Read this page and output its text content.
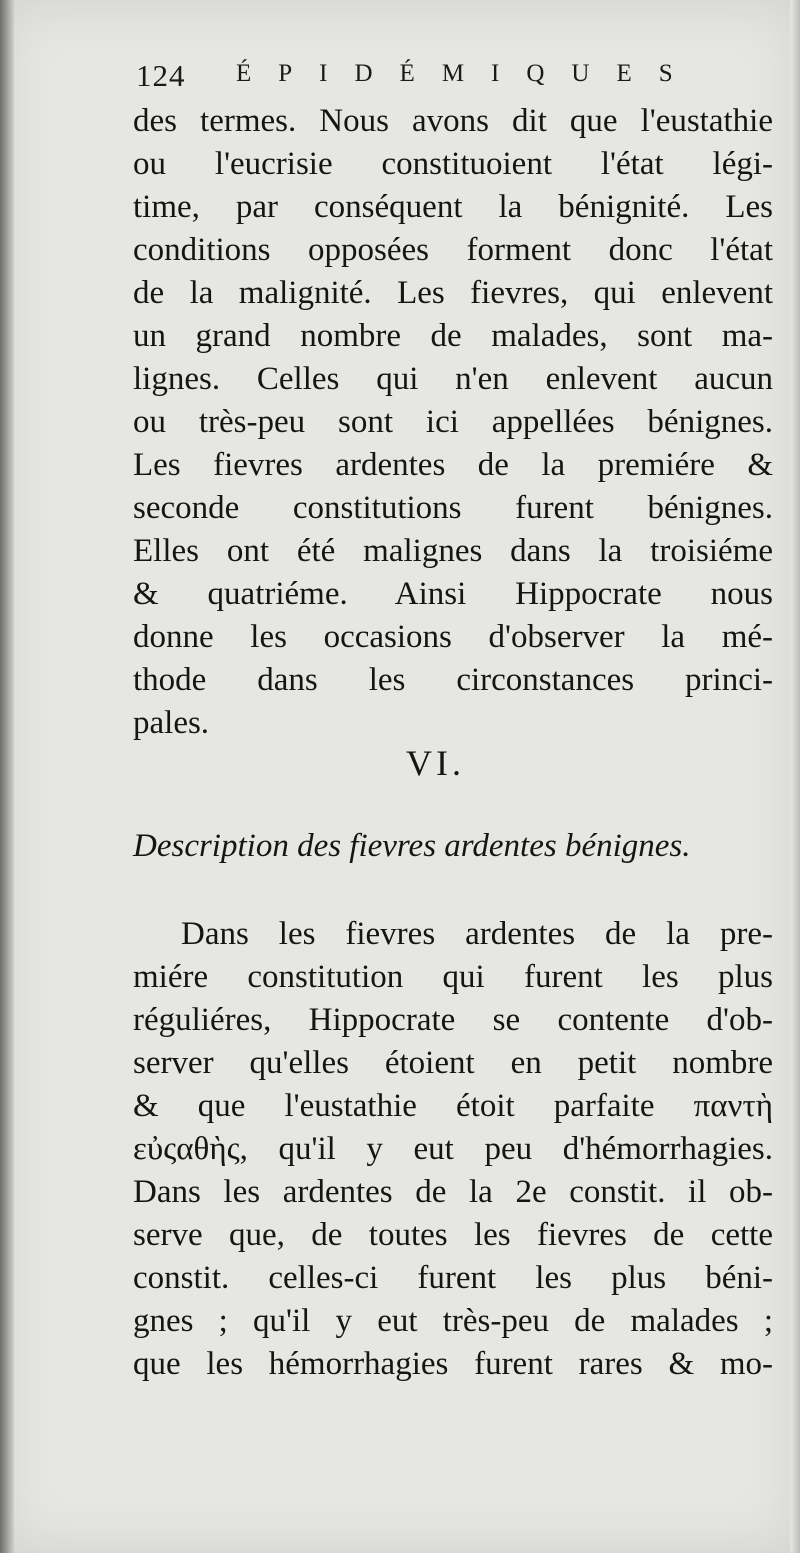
124 ÉPIDÉMIQUES
des termes. Nous avons dit que l'eustathie
ou l'eucrisie constituoient l'état légi-
time, par conséquent la bénignité. Les
conditions opposées forment donc l'état
de la malignité. Les fievres, qui enlevent
un grand nombre de malades, sont ma-
lignes. Celles qui n'en enlevent aucun
ou très-peu sont ici appellées bénignes.
Les fievres ardentes de la premiére &
seconde constitutions furent bénignes.
Elles ont été malignes dans la troisiéme
& quatriéme. Ainsi Hippocrate nous
donne les occasions d'observer la mé-
thode dans les circonstances princi-
pales.
VI.
Description des fievres ardentes bénignes.
Dans les fievres ardentes de la pre-
miére constitution qui furent les plus
réguliéres, Hippocrate se contente d'ob-
server qu'elles étoient en petit nombre
& que l'eustathie étoit parfaite παντὴ
εὐςαθὴς, qu'il y eut peu d'hémorrhagies.
Dans les ardentes de la 2e constit. il ob-
serve que, de toutes les fievres de cette
constit. celles-ci furent les plus béni-
gnes ; qu'il y eut très-peu de malades ;
que les hémorrhagies furent rares & mo-
